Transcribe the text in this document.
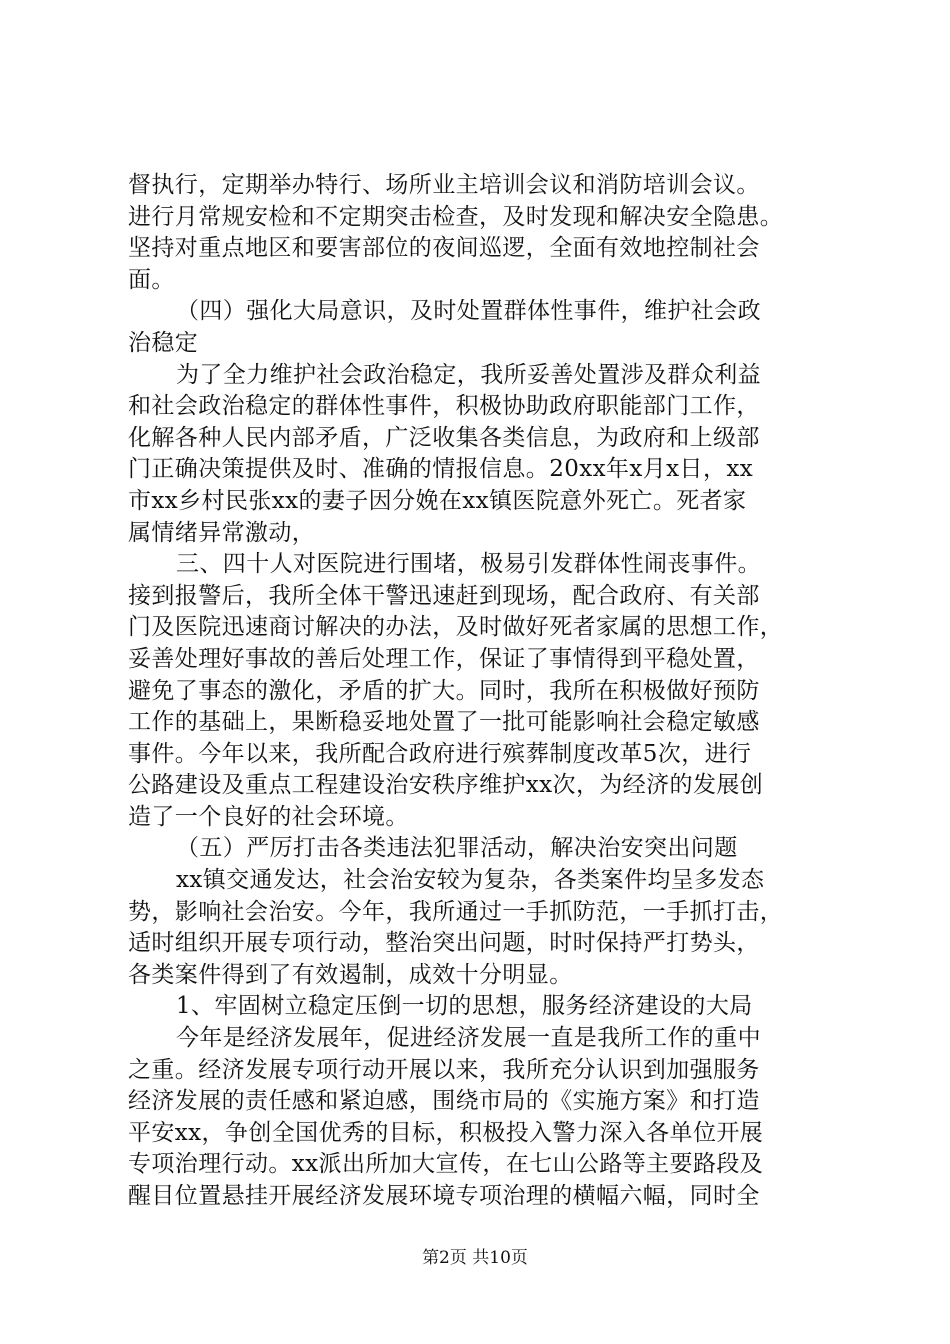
督执行，定期举办特行、场所业主培训会议和消防培训会议。
进行月常规安检和不定期突击检查，及时发现和解决安全隐患。
坚持对重点地区和要害部位的夜间巡逻，全面有效地控制社会
面。
（四）强化大局意识，及时处置群体性事件，维护社会政
治稳定
为了全力维护社会政治稳定，我所妥善处置涉及群众利益
和社会政治稳定的群体性事件，积极协助政府职能部门工作，
化解各种人民内部矛盾，广泛收集各类信息，为政府和上级部
门正确决策提供及时、准确的情报信息。20xx年x月x日，xx
市xx乡村民张xx的妻子因分娩在xx镇医院意外死亡。死者家
属情绪异常激动，
三、四十人对医院进行围堵，极易引发群体性闹丧事件。
接到报警后，我所全体干警迅速赶到现场，配合政府、有关部
门及医院迅速商讨解决的办法，及时做好死者家属的思想工作，
妥善处理好事故的善后处理工作，保证了事情得到平稳处置，
避免了事态的激化，矛盾的扩大。同时，我所在积极做好预防
工作的基础上，果断稳妥地处置了一批可能影响社会稳定敏感
事件。今年以来，我所配合政府进行殡葬制度改革5次，进行
公路建设及重点工程建设治安秩序维护xx次，为经济的发展创
造了一个良好的社会环境。
（五）严厉打击各类违法犯罪活动，解决治安突出问题
xx镇交通发达，社会治安较为复杂，各类案件均呈多发态
势，影响社会治安。今年，我所通过一手抓防范，一手抓打击，
适时组织开展专项行动，整治突出问题，时时保持严打势头，
各类案件得到了有效遏制，成效十分明显。
1、牢固树立稳定压倒一切的思想，服务经济建设的大局
今年是经济发展年，促进经济发展一直是我所工作的重中
之重。经济发展专项行动开展以来，我所充分认识到加强服务
经济发展的责任感和紧迫感，围绕市局的《实施方案》和打造
平安xx，争创全国优秀的目标，积极投入警力深入各单位开展
专项治理行动。xx派出所加大宣传，在七山公路等主要路段及
醒目位置悬挂开展经济发展环境专项治理的横幅六幅，同时全
第2页 共10页
